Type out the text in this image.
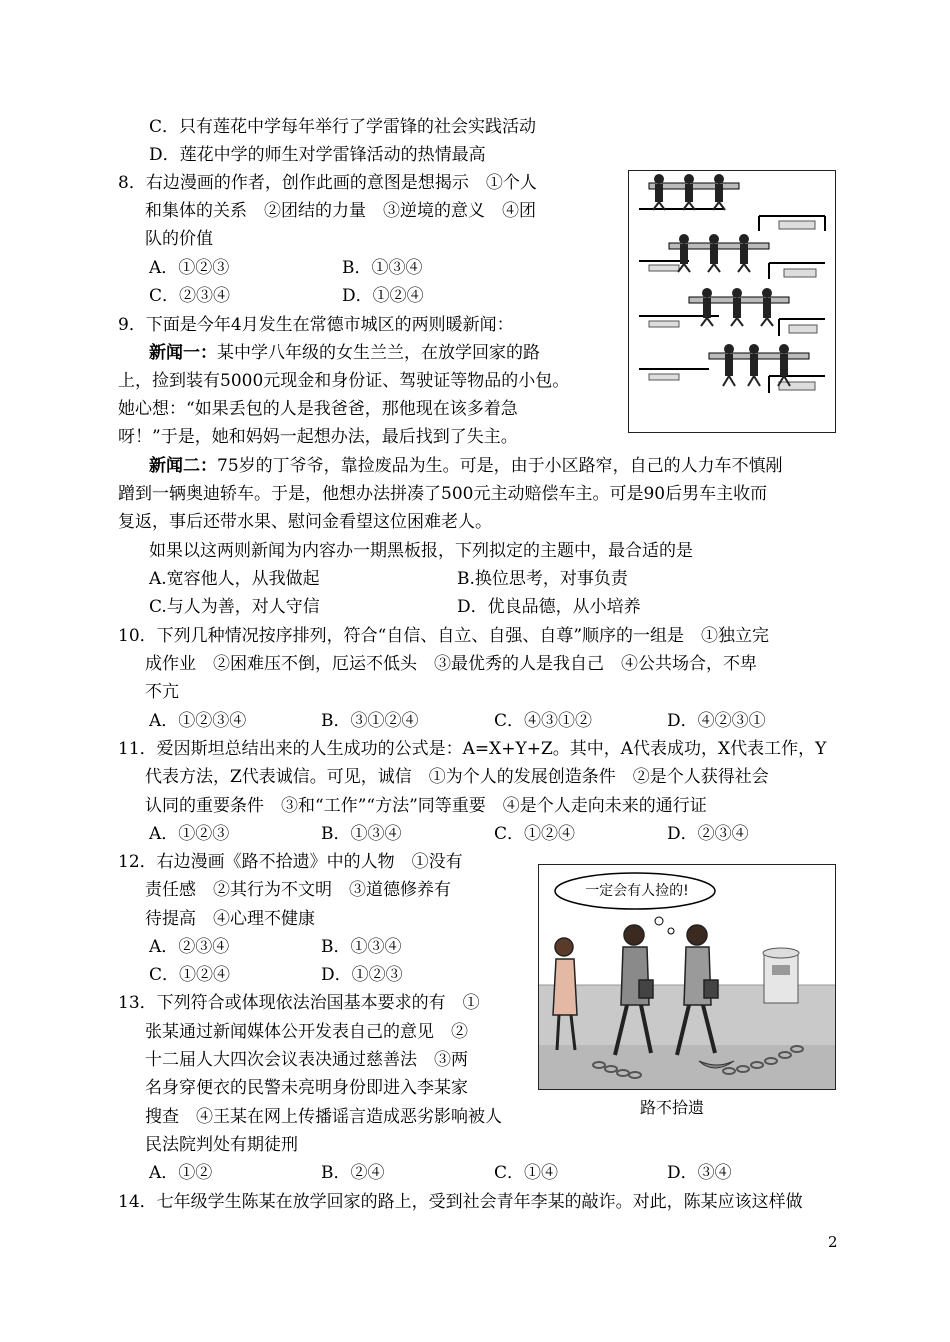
C．只有莲花中学每年举行了学雷锋的社会实践活动
D．莲花中学的师生对学雷锋活动的热情最高
8．右边漫画的作者，创作此画的意图是想揭示　①个人
和集体的关系　②团结的力量　③逆境的意义　④团
队的价值
A．①②③	B．①③④
C．②③④	D．①②④
9．下面是今年4月发生在常德市城区的两则暖新闻：
新闻一：某中学八年级的女生兰兰，在放学回家的路
上，捡到装有5000元现金和身份证、驾驶证等物品的小包。
她心想：“如果丢包的人是我爸爸，那他现在该多着急
呀！”于是，她和妈妈一起想办法，最后找到了失主。
新闻二：75岁的丁爷爷，靠捡废品为生。可是，由于小区路窄，自己的人力车不慎剐
蹭到一辆奥迪轿车。于是，他想办法拼凑了500元主动赔偿车主。可是90后男车主收而
复返，事后还带水果、慰问金看望这位困难老人。
如果以这两则新闻为内容办一期黑板报，下列拟定的主题中，最合适的是
A.宽容他人，从我做起	B.换位思考，对事负责
C.与人为善，对人守信	D．优良品德，从小培养
10．下列几种情况按序排列，符合“自信、自立、自强、自尊”顺序的一组是　①独立完
成作业　②困难压不倒，厄运不低头　③最优秀的人是我自己　④公共场合，不卑
不亢
A．①②③④	B．③①②④	C．④③①②	D．④②③①
11．爱因斯坦总结出来的人生成功的公式是：A=X+Y+Z。其中，A代表成功，X代表工作，Y
代表方法，Z代表诚信。可见，诚信　①为个人的发展创造条件　②是个人获得社会
认同的重要条件　③和“工作”“方法”同等重要　④是个人走向未来的通行证
A．①②③	B．①③④	C．①②④	D．②③④
12．右边漫画《路不拾遗》中的人物　①没有
责任感　②其行为不文明　③道德修养有
待提高　④心理不健康
A．②③④	B．①③④
C．①②④	D．①②③
一定会有人捡的!
路不拾遗
13．下列符合或体现依法治国基本要求的有　①
张某通过新闻媒体公开发表自己的意见　②
十二届人大四次会议表决通过慈善法　③两
名身穿便衣的民警未亮明身份即进入李某家
搜查　④王某在网上传播谣言造成恶劣影响被人
民法院判处有期徒刑
A．①②	B．②④	C．①④	D．③④
14．七年级学生陈某在放学回家的路上，受到社会青年李某的敲诈。对此，陈某应该这样做
2
